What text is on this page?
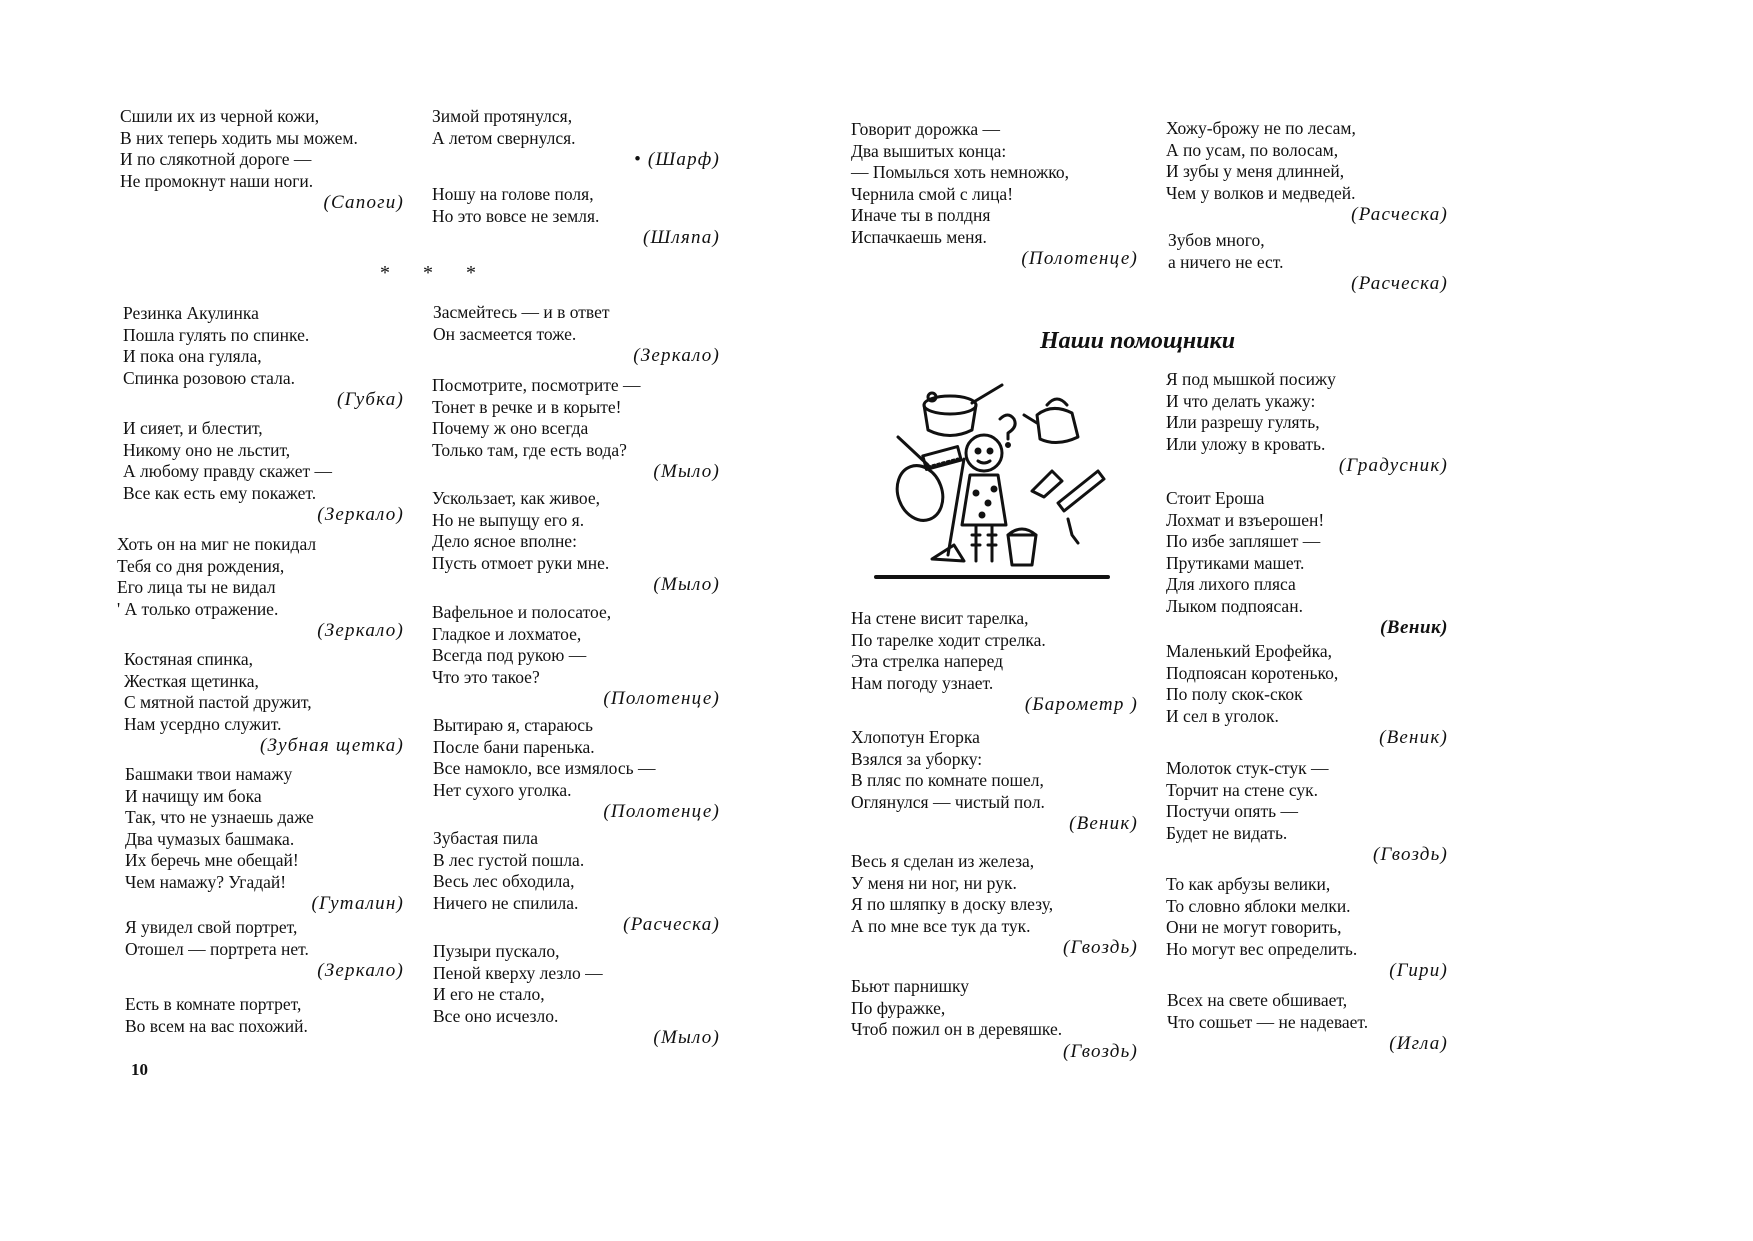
Сшили их из черной кожи,
В них теперь ходить мы можем.
И по слякотной дороге —
Не промокнут наши ноги.
(Сапоги)
* * *
Резинка Акулинка
Пошла гулять по спинке.
И пока она гуляла,
Спинка розовою стала.
(Губка)
И сияет, и блестит,
Никому оно не льстит,
А любому правду скажет —
Все как есть ему покажет.
(Зеркало)
Хоть он на миг не покидал
Тебя со дня рождения,
Его лица ты не видал
' А только отражение.
(Зеркало)
Костяная спинка,
Жесткая щетинка,
С мятной пастой дружит,
Нам усердно служит.
(Зубная щетка)
Башмаки твои намажу
И начищу им бока
Так, что не узнаешь даже
Два чумазых башмака.
Их беречь мне обещай!
Чем намажу? Угадай!
(Гуталин)
Я увидел свой портрет,
Отошел — портрета нет.
(Зеркало)
Есть в комнате портрет,
Во всем на вас похожий.
Зимой протянулся,
А летом свернулся.
• (Шарф)
Ношу на голове поля,
Но это вовсе не земля.
(Шляпа)
Засмейтесь — и в ответ
Он засмеется тоже.
(Зеркало)
Посмотрите, посмотрите —
Тонет в речке и в корыте!
Почему ж оно всегда
Только там, где есть вода?
(Мыло)
Ускользает, как живое,
Но не выпущу его я.
Дело ясное вполне:
Пусть отмоет руки мне.
(Мыло)
Вафельное и полосатое,
Гладкое и лохматое,
Всегда под рукою —
Что это такое?
(Полотенце)
Вытираю я, стараюсь
После бани паренька.
Все намокло, все измялось —
Нет сухого уголка.
(Полотенце)
Зубастая пила
В лес густой пошла.
Весь лес обходила,
Ничего не спилила.
(Расческа)
Пузыри пускало,
Пеной кверху лезло —
И его не стало,
Все оно исчезло.
(Мыло)
10
Говорит дорожка —
Два вышитых конца:
— Помылься хоть немножко,
Чернила смой с лица!
Иначе ты в полдня
Испачкаешь меня.
(Полотенце)
Наши помощники
На стене висит тарелка,
По тарелке ходит стрелка.
Эта стрелка наперед
Нам погоду узнает.
(Барометр )
Хлопотун Егорка
Взялся за уборку:
В пляс по комнате пошел,
Оглянулся — чистый пол.
(Веник)
Весь я сделан из железа,
У меня ни ног, ни рук.
Я по шляпку в доску влезу,
А по мне все тук да тук.
(Гвоздь)
Бьют парнишку
По фуражке,
Чтоб пожил он в деревяшке.
(Гвоздь)
Хожу-брожу не по лесам,
А по усам, по волосам,
И зубы у меня длинней,
Чем у волков и медведей.
(Расческа)
Зубов много,
а ничего не ест.
(Расческа)
Я под мышкой посижу
И что делать укажу:
Или разрешу гулять,
Или уложу в кровать.
(Градусник)
Стоит Ероша
Лохмат и взъерошен!
По избе запляшет —
Прутиками машет.
Для лихого пляса
Лыком подпоясан.
(Веник)
Маленький Ерофейка,
Подпоясан коротенько,
По полу скок-скок
И сел в уголок.
(Веник)
Молоток стук-стук —
Торчит на стене сук.
Постучи опять —
Будет не видать.
(Гвоздь)
То как арбузы велики,
То словно яблоки мелки.
Они не могут говорить,
Но могут вес определить.
(Гири)
Всех на свете обшивает,
Что сошьет — не надевает.
(Игла)
